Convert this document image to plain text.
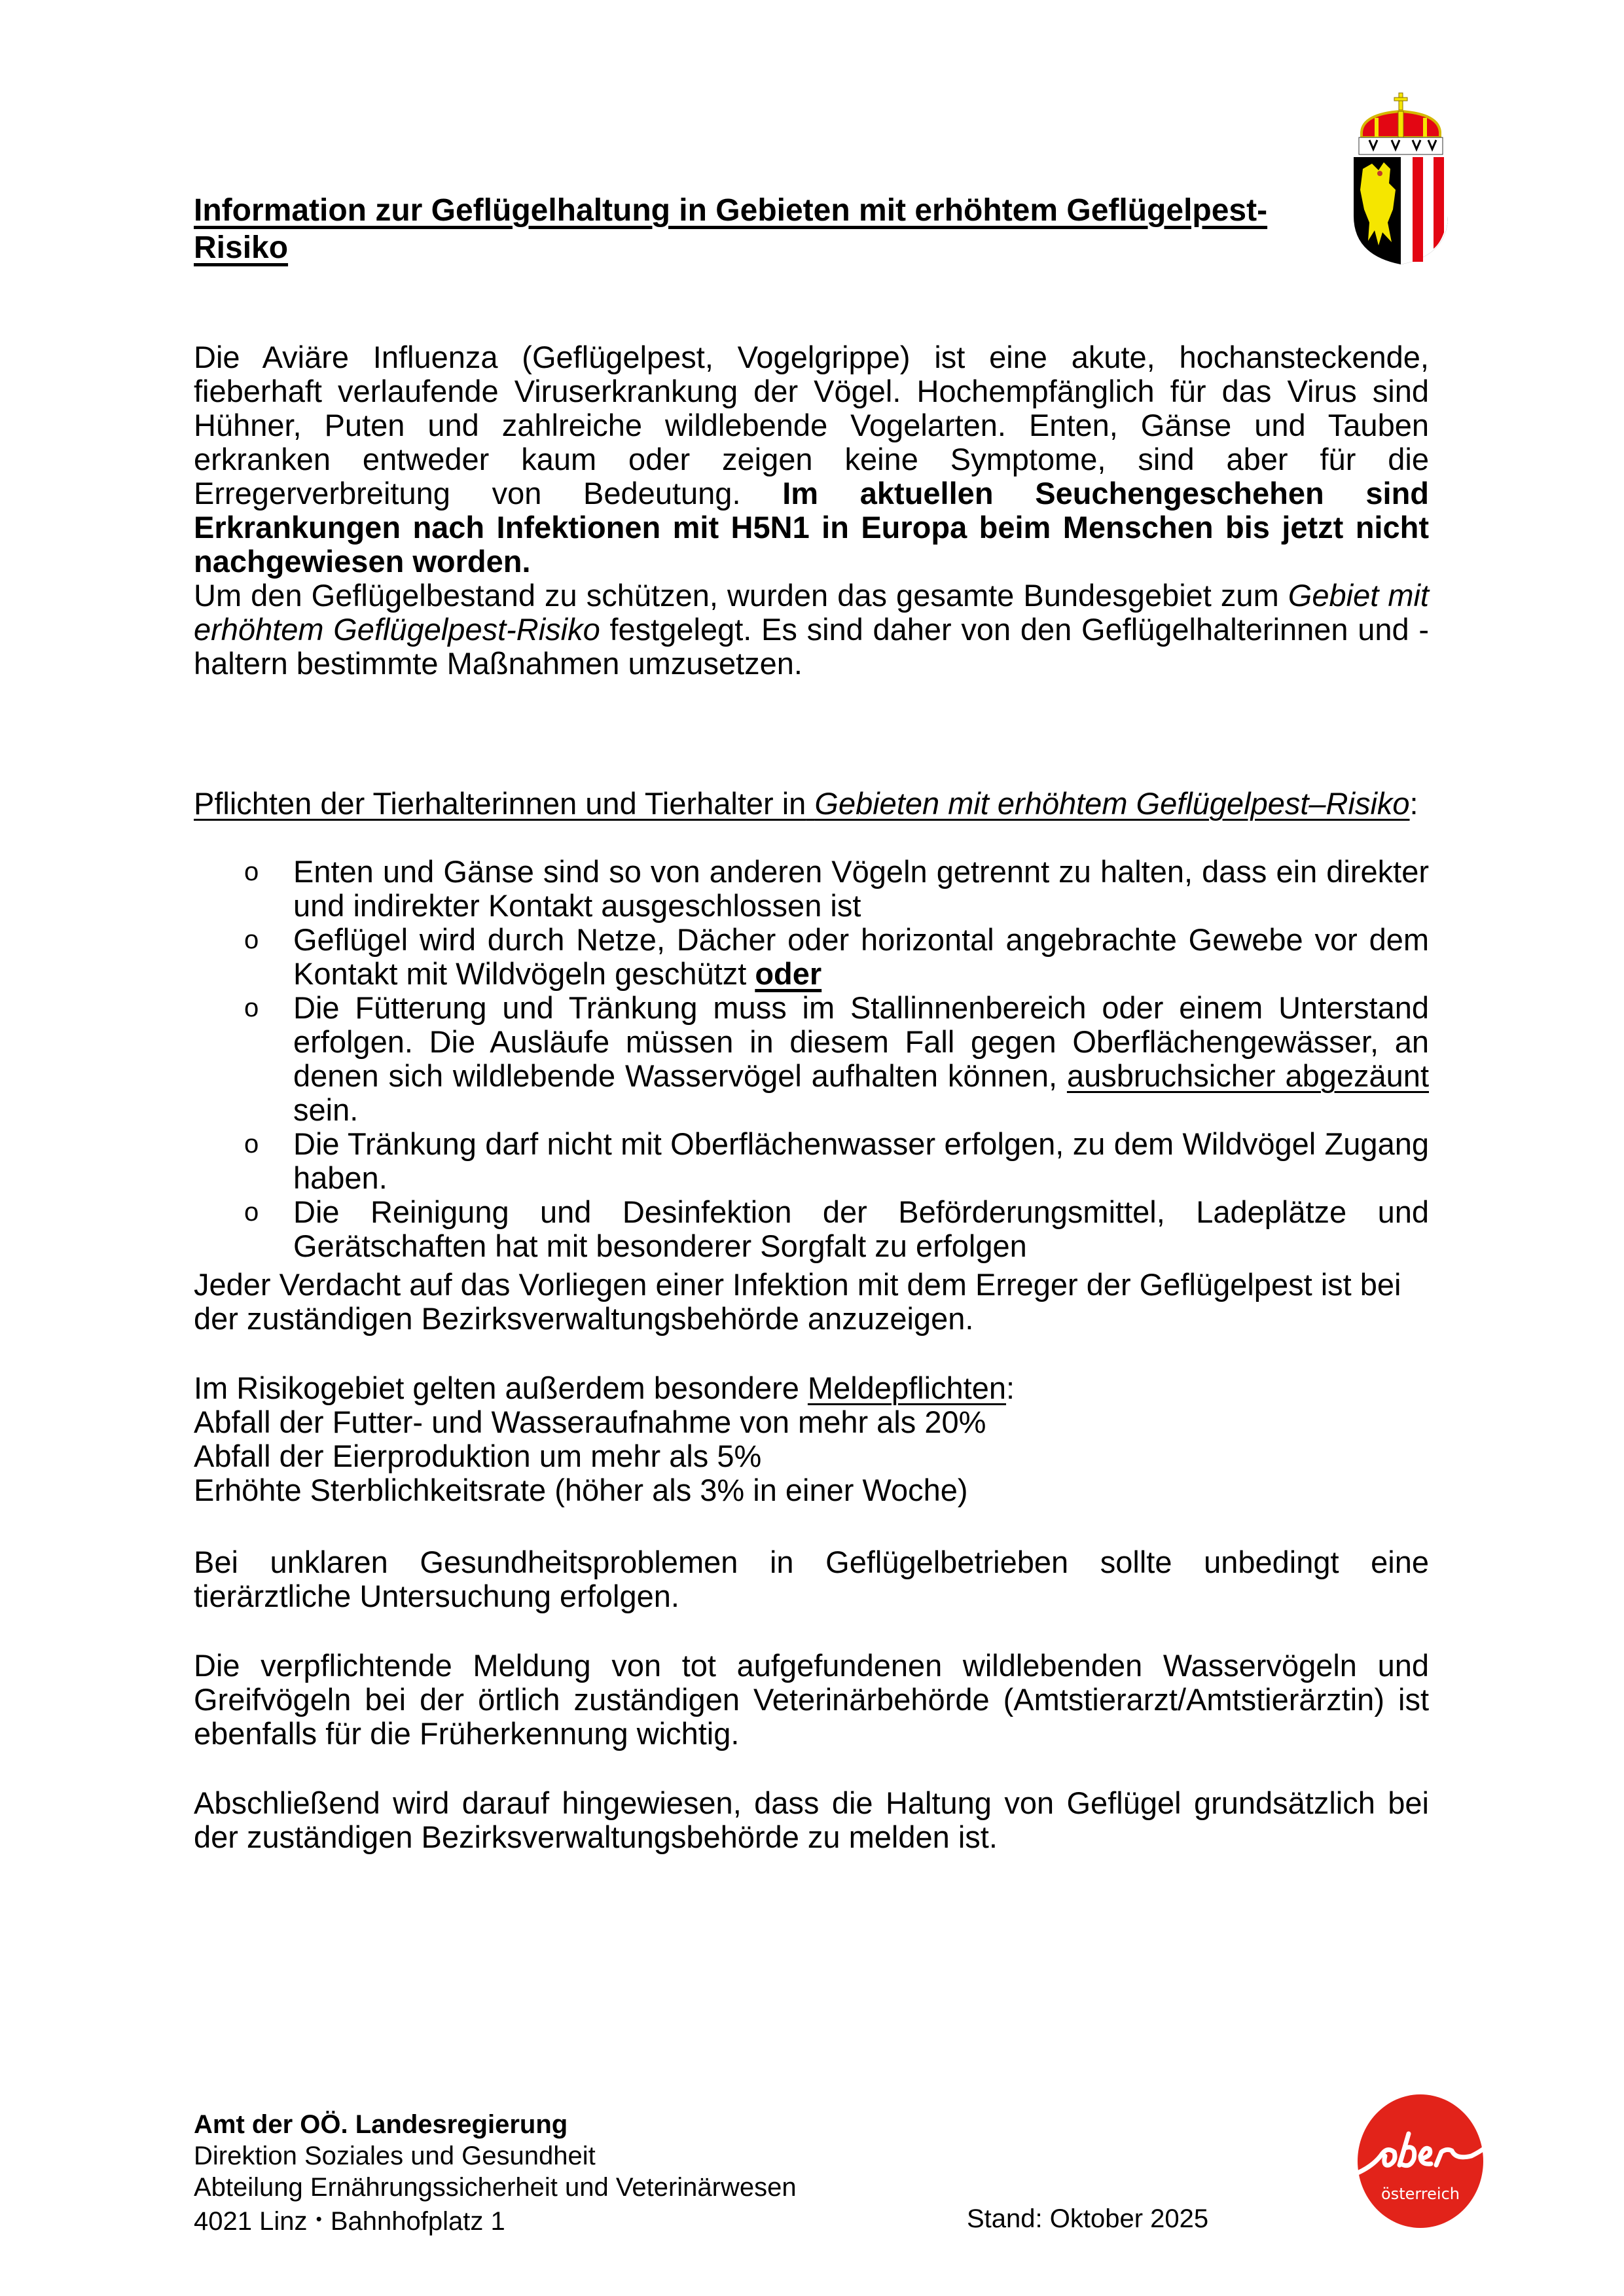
Information zur Geflügelhaltung in Gebieten mit erhöhtem Geflügelpest-Risiko
Die Aviäre Influenza (Geflügelpest, Vogelgrippe) ist eine akute, hochansteckende, fieberhaft verlaufende Viruserkrankung der Vögel. Hochempfänglich für das Virus sind Hühner, Puten und zahlreiche wildlebende Vogelarten. Enten, Gänse und Tauben erkranken entweder kaum oder zeigen keine Symptome, sind aber für die Erregerverbreitung von Bedeutung. Im aktuellen Seuchengeschehen sind Erkrankungen nach Infektionen mit H5N1 in Europa beim Menschen bis jetzt nicht nachgewiesen worden.
Um den Geflügelbestand zu schützen, wurden das gesamte Bundesgebiet zum Gebiet mit erhöhtem Geflügelpest-Risiko festgelegt. Es sind daher von den Geflügelhalterinnen und -haltern bestimmte Maßnahmen umzusetzen.
Pflichten der Tierhalterinnen und Tierhalter in Gebieten mit erhöhtem Geflügelpest–Risiko:
o Enten und Gänse sind so von anderen Vögeln getrennt zu halten, dass ein direkter und indirekter Kontakt ausgeschlossen ist
o Geflügel wird durch Netze, Dächer oder horizontal angebrachte Gewebe vor dem Kontakt mit Wildvögeln geschützt oder
o Die Fütterung und Tränkung muss im Stallinnenbereich oder einem Unterstand erfolgen. Die Ausläufe müssen in diesem Fall gegen Oberflächengewässer, an denen sich wildlebende Wasservögel aufhalten können, ausbruchsicher abgezäunt sein.
o Die Tränkung darf nicht mit Oberflächenwasser erfolgen, zu dem Wildvögel Zugang haben.
o Die Reinigung und Desinfektion der Beförderungsmittel, Ladeplätze und Gerätschaften hat mit besonderer Sorgfalt zu erfolgen
Jeder Verdacht auf das Vorliegen einer Infektion mit dem Erreger der Geflügelpest ist bei der zuständigen Bezirksverwaltungsbehörde anzuzeigen.
Im Risikogebiet gelten außerdem besondere Meldepflichten:
Abfall der Futter- und Wasseraufnahme von mehr als 20%
Abfall der Eierproduktion um mehr als 5%
Erhöhte Sterblichkeitsrate (höher als 3% in einer Woche)
Bei unklaren Gesundheitsproblemen in Geflügelbetrieben sollte unbedingt eine tierärztliche Untersuchung erfolgen.
Die verpflichtende Meldung von tot aufgefundenen wildlebenden Wasservögeln und Greifvögeln bei der örtlich zuständigen Veterinärbehörde (Amtstierarzt/Amtstierärztin) ist ebenfalls für die Früherkennung wichtig.
Abschließend wird darauf hingewiesen, dass die Haltung von Geflügel grundsätzlich bei der zuständigen Bezirksverwaltungsbehörde zu melden ist.
Amt der OÖ. Landesregierung
Direktion Soziales und Gesundheit
Abteilung Ernährungssicherheit und Veterinärwesen
4021 Linz • Bahnhofplatz 1	Stand: Oktober 2025
österreich
